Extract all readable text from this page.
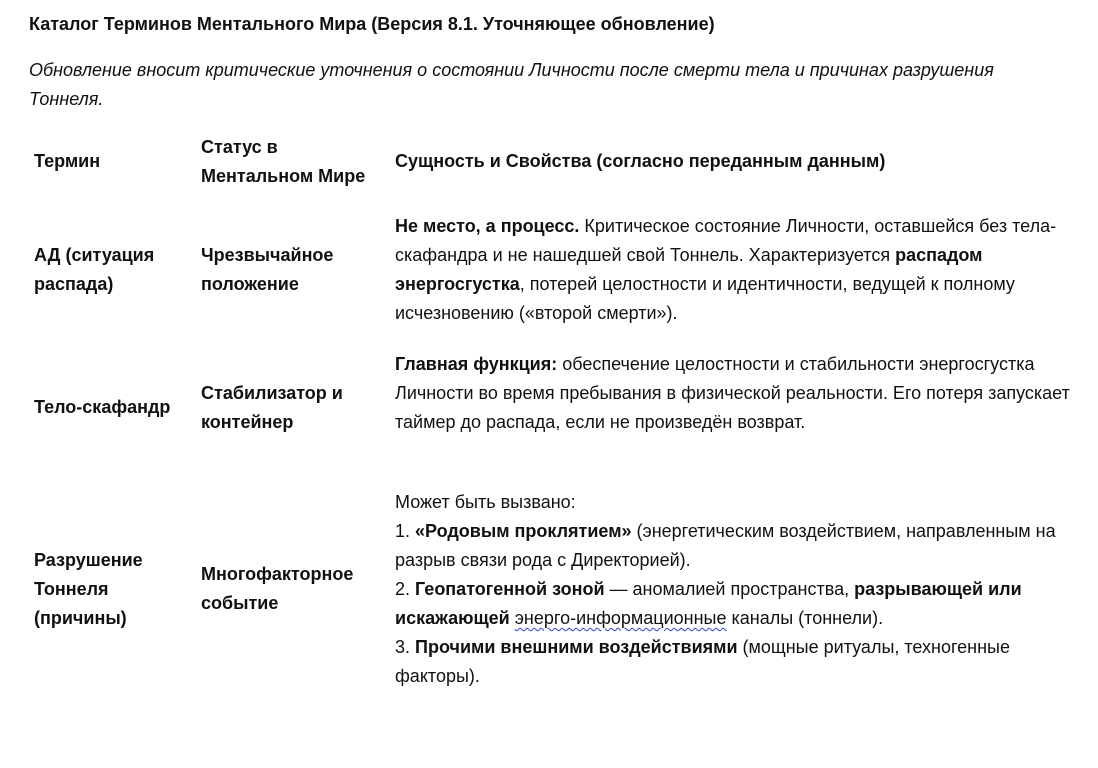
Каталог Терминов Ментального Мира (Версия 8.1. Уточняющее обновление)
Обновление вносит критические уточнения о состоянии Личности после смерти тела и причинах разрушения Тоннеля.
Термин
Статус в Ментальном Мире
Сущность и Свойства (согласно переданным данным)
АД (ситуация распада)
Чрезвычайное положение
Не место, а процесс. Критическое состояние Личности, оставшейся без тела-скафандра и не нашедшей свой Тоннель. Характеризуется распадом энергосгустка, потерей целостности и идентичности, ведущей к полному исчезновению («второй смерти»).
Тело-скафандр
Стабилизатор и контейнер
Главная функция: обеспечение целостности и стабильности энергосгустка Личности во время пребывания в физической реальности. Его потеря запускает таймер до распада, если не произведён возврат.
Разрушение Тоннеля (причины)
Многофакторное событие
Может быть вызвано:
1. «Родовым проклятием» (энергетическим воздействием, направленным на разрыв связи рода с Директорией).
2. Геопатогенной зоной — аномалией пространства, разрывающей или искажающей энерго-информационные каналы (тоннели).
3. Прочими внешними воздействиями (мощные ритуалы, техногенные факторы).
